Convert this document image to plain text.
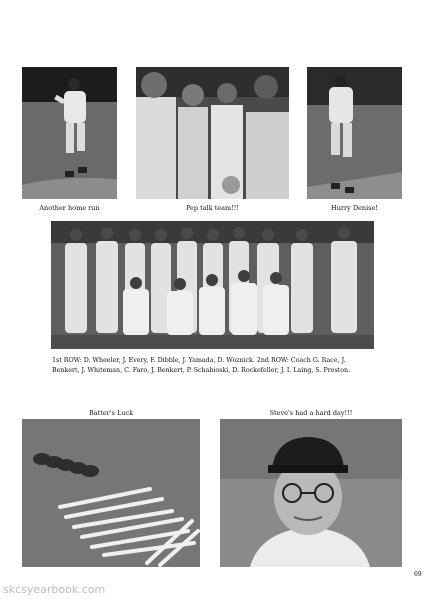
Another home run	Pep talk team!!!	Hurry Denise!
1st ROW: D. Wheeler, J. Every, F. Dibble, J. Yamada, D. Woznick. 2nd ROW: Coach G. Race, J. Benkert, J. Whiteman, C. Faro, J. Benkert, P. Schabioski, D. Rockefeller, J. I. Laing, S. Preston.
Batter's Luck	Steve's had a hard day!!!
skcsyearbook.com
69
